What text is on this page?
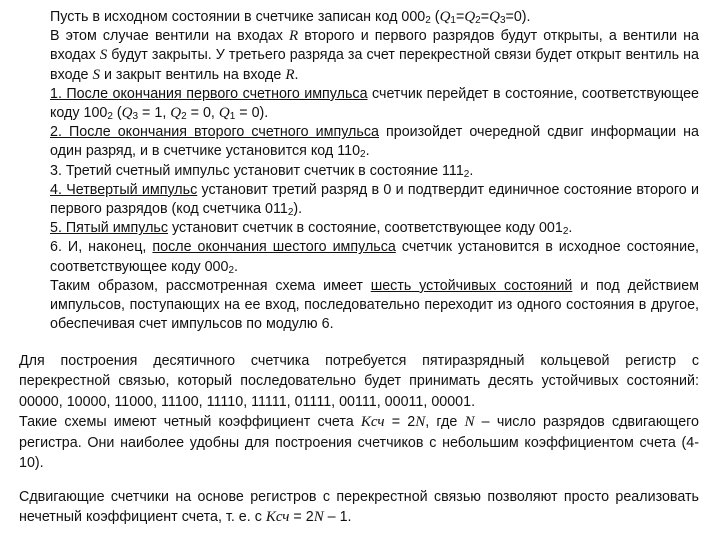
Пусть в исходном состоянии в счетчике записан код $000_2$ $(Q_1=Q_2=Q_3=0)$.

В этом случае вентили на входах R второго и первого разрядов будут открыты, а вентили на входах S будут закрыты. У третьего разряда за счет перекрестной связи будет открыт вентиль на входе S и закрыт вентиль на входе R.

1. После окончания первого счетного импульса счетчик перейдет в состояние, соответствующее коду $100_2$ ($Q_3 = 1$, $Q_2 = 0$, $Q_1 = 0$).

2. После окончания второго счетного импульса произойдет очередной сдвиг информации на один разряд, и в счетчике установится код $110_2$.

3. Третий счетный импульс установит счетчик в состояние $111_2$.

4. Четвертый импульс установит третий разряд в 0 и подтвердит единичное состояние второго и первого разрядов (код счетчика $011_2$).

5. Пятый импульс установит счетчик в состояние, соответствующее коду $001_2$.

6. И, наконец, после окончания шестого импульса счетчик установится в исходное состояние, соответствующее коду $000_2$.

Таким образом, рассмотренная схема имеет шесть устойчивых состояний и под действием импульсов, поступающих на ее вход, последовательно переходит из одного состояния в другое, обеспечивая счет импульсов по модулю 6.

Для построения десятичного счетчика потребуется пятиразрядный кольцевой регистр с перекрестной связью, который последовательно будет принимать десять устойчивых состояний: 00000, 10000, 11000, 11100, 11110, 11111, 01111, 00111, 00011, 00001.

Такие схемы имеют четный коэффициент счета Kсч = 2N, где N – число разрядов сдвигающего регистра. Они наиболее удобны для построения счетчиков с небольшим коэффициентом счета (4-10).

Сдвигающие счетчики на основе регистров с перекрестной связью позволяют просто реализовать нечетный коэффициент счета, т. е. с Kсч = 2N – 1.
